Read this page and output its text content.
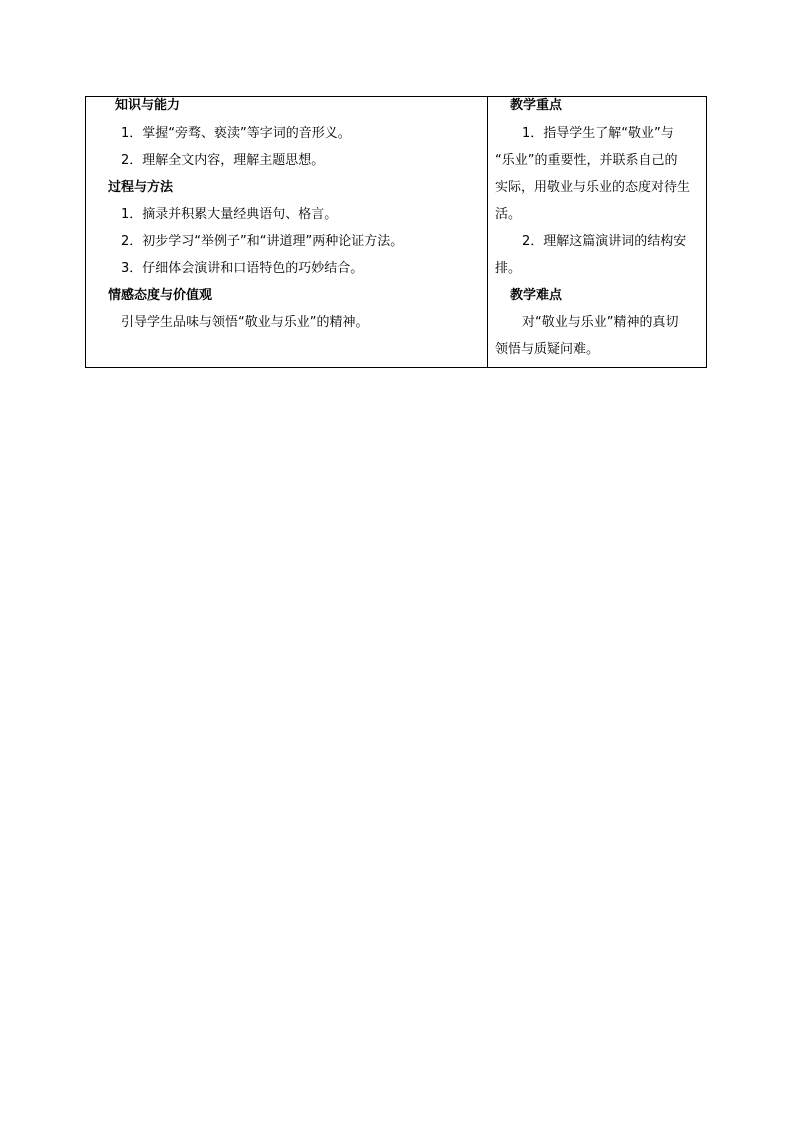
知识与能力
1．掌握“旁骛、亵渎”等字词的音形义。
2．理解全文内容，理解主题思想。
过程与方法
1．摘录并积累大量经典语句、格言。
2．初步学习“举例子”和“讲道理”两种论证方法。
3．仔细体会演讲和口语特色的巧妙结合。
情感态度与价值观
引导学生品味与领悟“敬业与乐业”的精神。
教学重点
1．指导学生了解“敬业”与
“乐业”的重要性，并联系自己的
实际，用敬业与乐业的态度对待生
活。
2．理解这篇演讲词的结构安
排。
教学难点
对“敬业与乐业”精神的真切
领悟与质疑问难。
